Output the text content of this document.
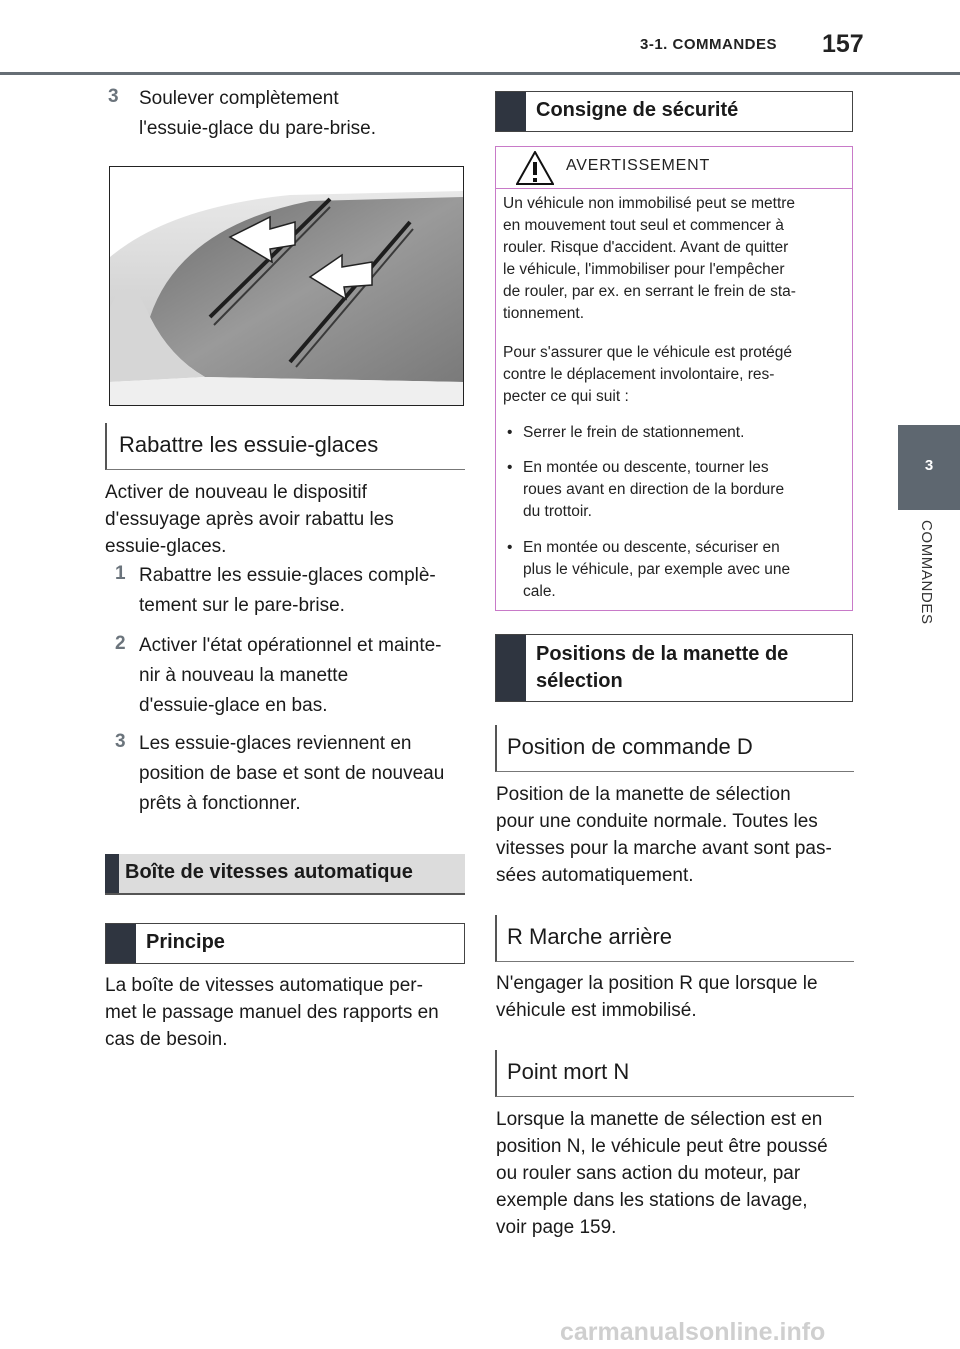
3-1. COMMANDES 157
3
COMMANDES
3 Soulever complètement
l'essuie-glace du pare-brise.
Rabattre les essuie-glaces
Activer de nouveau le dispositif
d'essuyage après avoir rabattu les
essuie-glaces.
1 Rabattre les essuie-glaces complè-
tement sur le pare-brise.
2 Activer l'état opérationnel et mainte-
nir à nouveau la manette
d'essuie-glace en bas.
3 Les essuie-glaces reviennent en
position de base et sont de nouveau
prêts à fonctionner.
Boîte de vitesses automatique
Principe
La boîte de vitesses automatique per-
met le passage manuel des rapports en
cas de besoin.
Consigne de sécurité
AVERTISSEMENT
Un véhicule non immobilisé peut se mettre
en mouvement tout seul et commencer à
rouler. Risque d'accident. Avant de quitter
le véhicule, l'immobiliser pour l'empêcher
de rouler, par ex. en serrant le frein de sta-
tionnement.
Pour s'assurer que le véhicule est protégé
contre le déplacement involontaire, res-
pecter ce qui suit :
• Serrer le frein de stationnement.
• En montée ou descente, tourner les
roues avant en direction de la bordure
du trottoir.
• En montée ou descente, sécuriser en
plus le véhicule, par exemple avec une
cale.
Positions de la manette de
sélection
Position de commande D
Position de la manette de sélection
pour une conduite normale. Toutes les
vitesses pour la marche avant sont pas-
sées automatiquement.
R Marche arrière
N'engager la position R que lorsque le
véhicule est immobilisé.
Point mort N
Lorsque la manette de sélection est en
position N, le véhicule peut être poussé
ou rouler sans action du moteur, par
exemple dans les stations de lavage,
voir page 159.
carmanualsonline.info
